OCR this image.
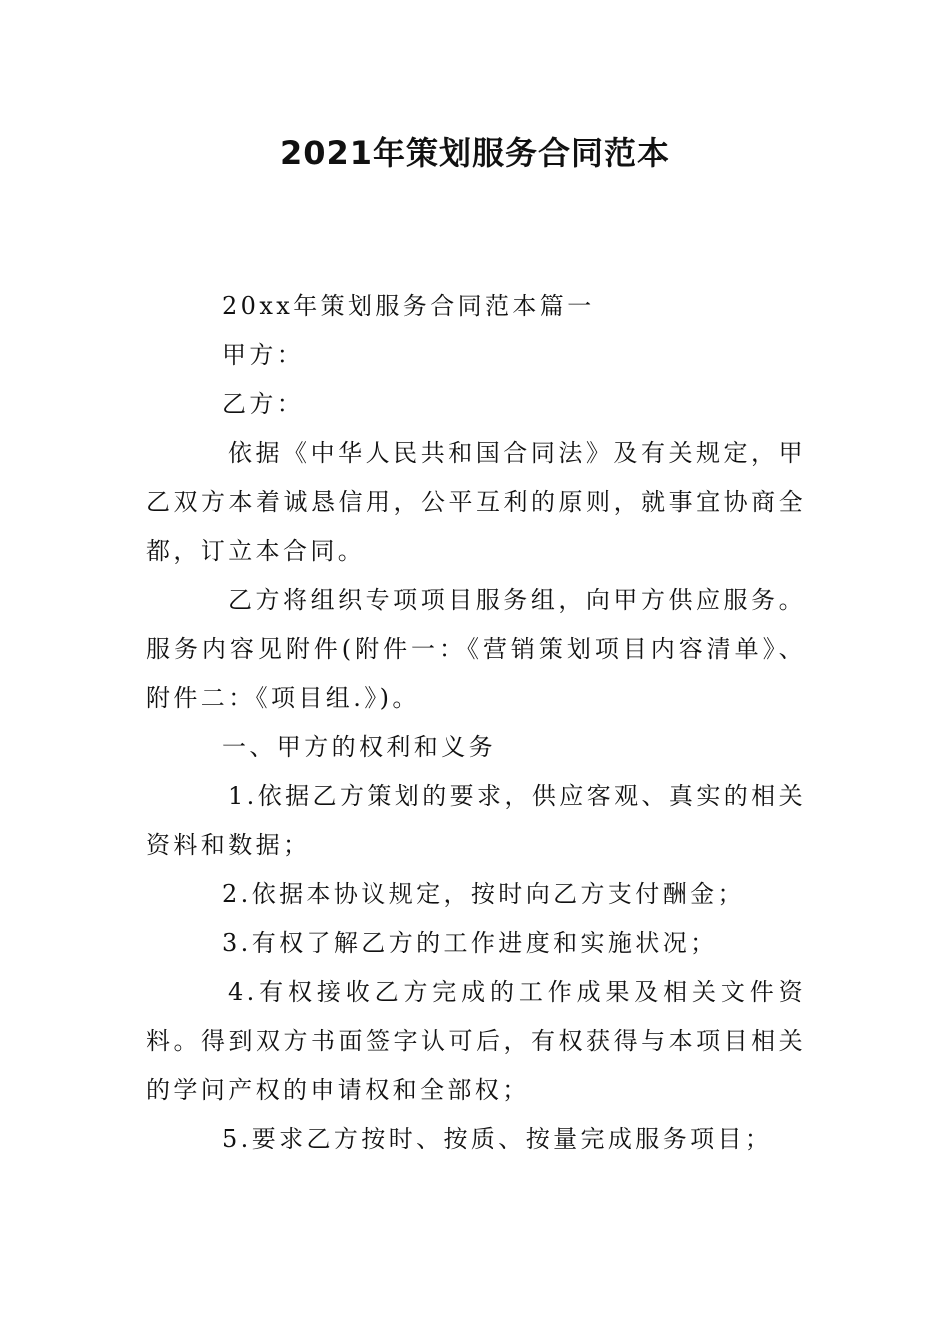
2021年策划服务合同范本

20xx年策划服务合同范本篇一

甲方：

乙方：

依据《中华人民共和国合同法》及有关规定，甲乙双方本着诚恳信用，公平互利的原则，就事宜协商全都，订立本合同。

乙方将组织专项项目服务组，向甲方供应服务。服务内容见附件(附件一：《营销策划项目内容清单》、附件二：《项目组.》)。

一、甲方的权利和义务

1.依据乙方策划的要求，供应客观、真实的相关资料和数据；

2.依据本协议规定，按时向乙方支付酬金；

3.有权了解乙方的工作进度和实施状况；

4.有权接收乙方完成的工作成果及相关文件资料。得到双方书面签字认可后，有权获得与本项目相关的学问产权的申请权和全部权；

5.要求乙方按时、按质、按量完成服务项目；
